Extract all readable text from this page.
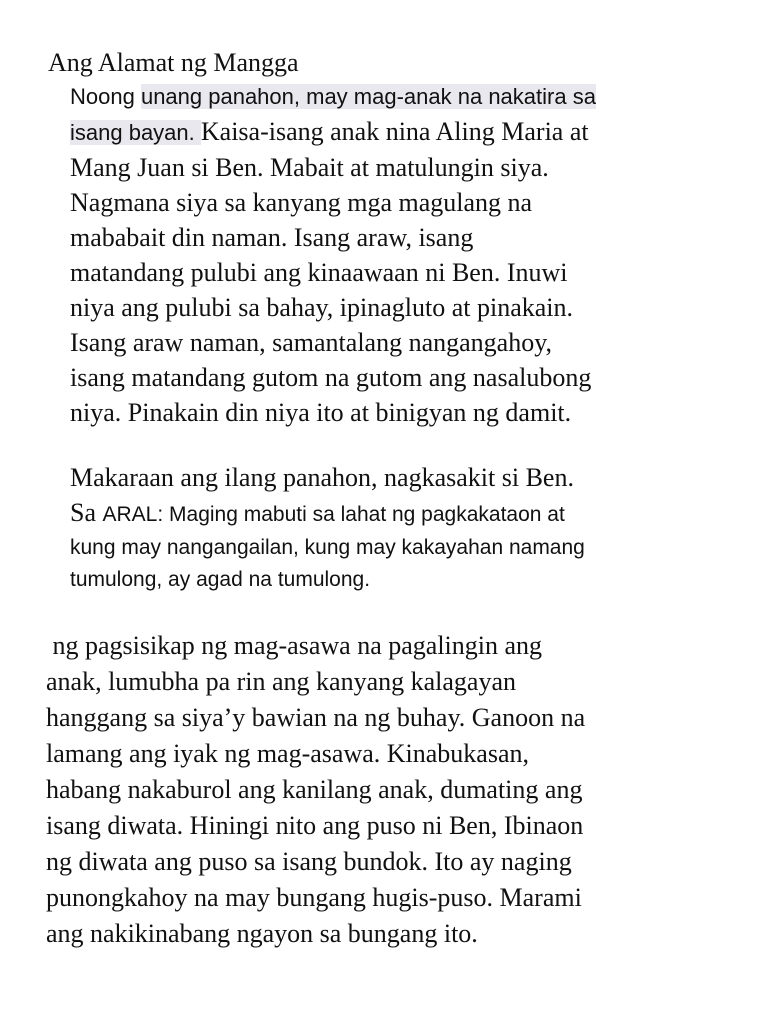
Ang Alamat ng Mangga
Noong unang panahon, may mag-anak na nakatira sa
isang bayan. Kaisa-isang anak nina Aling Maria at
Mang Juan si Ben. Mabait at matulungin siya.
Nagmana siya sa kanyang mga magulang na
mababait din naman. Isang araw, isang
matandang pulubi ang kinaawaan ni Ben. Inuwi
niya ang pulubi sa bahay, ipinagluto at pinakain.
Isang araw naman, samantalang nangangahoy,
isang matandang gutom na gutom ang nasalubong
niya. Pinakain din niya ito at binigyan ng damit.
Makaraan ang ilang panahon, nagkasakit si Ben.
Sa ARAL: Maging mabuti sa lahat ng pagkakataon at
kung may nangangailan, kung may kakayahan namang
tumulong, ay agad na tumulong.
ng pagsisikap ng mag-asawa na pagalingin ang
anak, lumubha pa rin ang kanyang kalagayan
hanggang sa siya’y bawian na ng buhay. Ganoon na
lamang ang iyak ng mag-asawa. Kinabukasan,
habang nakaburol ang kanilang anak, dumating ang
isang diwata. Hiningi nito ang puso ni Ben, Ibinaon
ng diwata ang puso sa isang bundok. Ito ay naging
punongkahoy na may bungang hugis-puso. Marami
ang nakikinabang ngayon sa bungang ito.
